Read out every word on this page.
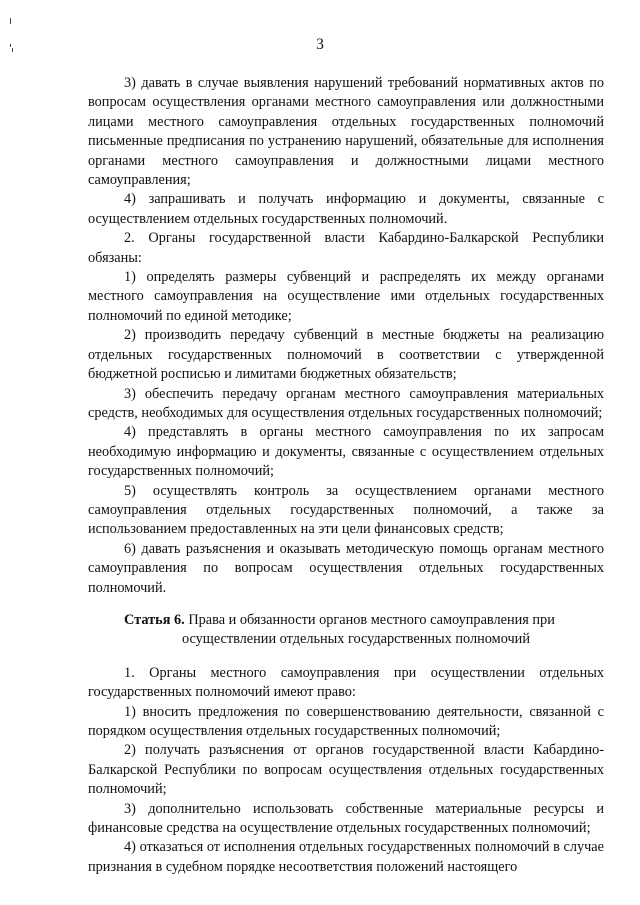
3

3) давать в случае выявления нарушений требований нормативных актов по вопросам осуществления органами местного самоуправления или должностными лицами местного самоуправления отдельных государственных полномочий письменные предписания по устранению нарушений, обязательные для исполнения органами местного самоуправления и должностными лицами местного самоуправления;

4) запрашивать и получать информацию и документы, связанные с осуществлением отдельных государственных полномочий.

2. Органы государственной власти Кабардино-Балкарской Республики обязаны:

1) определять размеры субвенций и распределять их между органами местного самоуправления на осуществление ими отдельных государственных полномочий по единой методике;

2) производить передачу субвенций в местные бюджеты на реализацию отдельных государственных полномочий в соответствии с утвержденной бюджетной росписью и лимитами бюджетных обязательств;

3) обеспечить передачу органам местного самоуправления материальных средств, необходимых для осуществления отдельных государственных полномочий;

4) представлять в органы местного самоуправления по их запросам необходимую информацию и документы, связанные с осуществлением отдельных государственных полномочий;

5) осуществлять контроль за осуществлением органами местного самоуправления отдельных государственных полномочий, а также за использованием предоставленных на эти цели финансовых средств;

6) давать разъяснения и оказывать методическую помощь органам местного самоуправления по вопросам осуществления отдельных государственных полномочий.

Статья 6. Права и обязанности органов местного самоуправления при
осуществлении отдельных государственных полномочий

1. Органы местного самоуправления при осуществлении отдельных государственных полномочий имеют право:

1) вносить предложения по совершенствованию деятельности, связанной с порядком осуществления отдельных государственных полномочий;

2) получать разъяснения от органов государственной власти Кабардино-Балкарской Республики по вопросам осуществления отдельных государственных полномочий;

3) дополнительно использовать собственные материальные ресурсы и финансовые средства на осуществление отдельных государственных полномочий;

4) отказаться от исполнения отдельных государственных полномочий в случае признания в судебном порядке несоответствия положений настоящего
